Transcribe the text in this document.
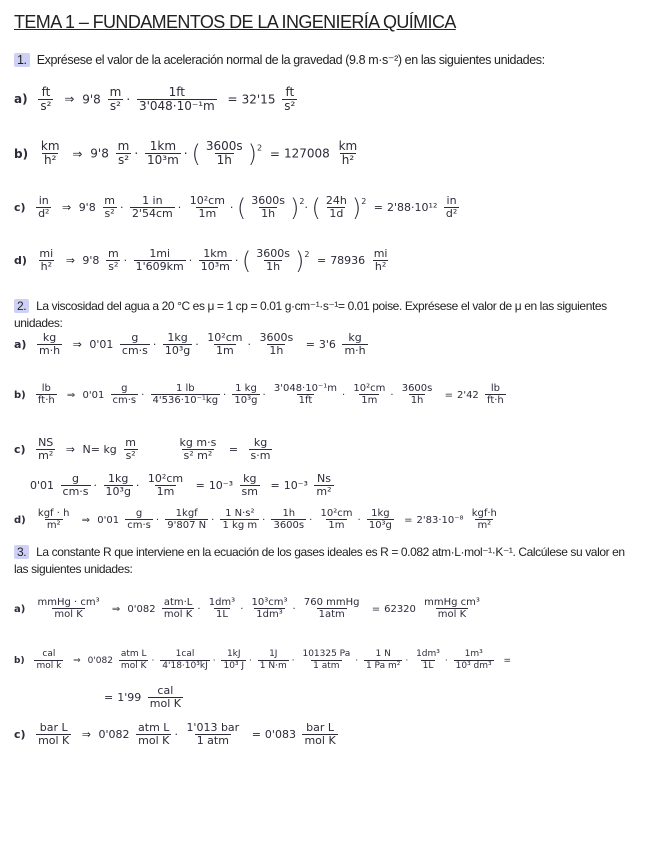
TEMA 1 – FUNDAMENTOS DE LA INGENIERÍA QUÍMICA
1. Exprésese el valor de la aceleración normal de la gravedad (9.8 m·s⁻²) en las siguientes unidades:
$a) \frac{ft}{\text{s²}}$ ⇒ $9'8 \frac{m}{\text{s²}} \cdot \frac{1ft}{\text{3'048·10⁻¹m}} = 32'15 \frac{ft}{\text{s²}}$
$b) \frac{km}{\text{h²}}$ ⇒ $9'8 \frac{m}{\text{s²}} \cdot \frac{1km}{\text{10³m}}$ · ( $\frac{3600s}{1h} )^2 = 127008 \frac{km}{\text{h²}}$
$c) \frac{in}{\text{d²}}$ ⇒ $9'8 \frac{m}{\text{s²}} \cdot \frac{1 in}{2'54cm} \cdot \frac{\text{10²cm}}{1m}$ · ( $\frac{3600s}{1h} )^2\cdot$ ( $\frac{24h}{1d} )^2 = 2'88\cdot 10^{12} \frac{in}{\text{d²}}$
$d) \frac{mi}{\text{h²}}$ ⇒ $9'8 \frac{m}{\text{s²}} \cdot \frac{1mi}{1'609km} \cdot \frac{1km}{\text{10³m}}$ · ( $\frac{3600s}{1h} )^2 = 78936 \frac{mi}{\text{h²}}$
2. La viscosidad del agua a 20 °C es μ = 1 cp = 0.01 g·cm⁻¹·s⁻¹= 0.01 poise. Exprésese el valor de μ en las siguientes unidades:
$a) \frac{kg}{m\cdot h}$ ⇒ $0'01 \frac{g}{cm\cdot s} \cdot \frac{1kg}{\text{10³g}} \cdot \frac{\text{10²cm}}{1m} \cdot \frac{3600s}{1h} = 3'6 \frac{kg}{m\cdot h}$
$b) \frac{lb}{ft\cdot h}$ ⇒ $0'01 \frac{g}{cm\cdot s} \cdot \frac{1 lb}{\text{4'536·10⁻¹kg}} \cdot \frac{1 kg}{\text{10³g}} \cdot \frac{\text{3'048·10⁻¹m}}{1ft} \cdot \frac{\text{10²cm}}{1m} \cdot \frac{3600s}{1h} = 2'42 \frac{lb}{ft\cdot h}$
$c) \frac{NS}{\text{m²}}$ ⇒ N= kg $\frac{m}{\text{s²}}$
	$\frac{\text{kg m·s}}{\text{s² m²}} = \frac{kg}{s\cdot m}$
$0'01 \frac{g}{cm\cdot s} \cdot \frac{1kg}{\text{10³g}} \cdot \frac{\text{10²cm}}{1m} = 10^{-3} \frac{kg}{sm} = 10^{-3} \frac{Ns}{\text{m²}}$
$d) \frac{\text{kgf · h}}{\text{m²}}$ ⇒ $0'01 \frac{g}{cm\cdot s} \cdot \frac{\text{1kgf}}{9'807 N} \cdot \frac{\text{1 N·s²}}{\text{1 kg m}} \cdot \frac{1h}{3600s} \cdot \frac{\text{10²cm}}{1m} \cdot \frac{1kg}{\text{10³g}} = 2'83\cdot 10^{-8} \frac{\text{kgf·h}}{\text{m²}}$
3. La constante R que interviene en la ecuación de los gases ideales es R = 0.082 atm·L·mol⁻¹·K⁻¹. Calcúlese su valor en las siguientes unidades:
$a) \frac{\text{mmHg · cm³}}{\text{mol K}}$ ⇒ $0'082 \frac{\text{atm·L}}{\text{mol K}} \cdot \frac{\text{1dm³}}{1L} \cdot \frac{\text{10³cm³}}{\text{1dm³}} \cdot \frac{\text{760 mmHg}}{\text{1atm}} = 62320 \frac{\text{mmHg cm³}}{\text{mol K}}$
$b) \frac{\text{cal}}{\text{mol k}}$ ⇒ $0'082 \frac{\text{atm L}}{\text{mol K}} \cdot \frac{\text{1cal}}{\text{4'18·10³kJ}} \cdot \frac{1kJ}{\text{10³ J}} \cdot \frac{1J}{1 N\cdot m} \cdot \frac{101325 Pa}{\text{1 atm}} \cdot \frac{1 N}{\text{1 Pa m²}} \cdot \frac{\text{1dm³}}{1L} \cdot \frac{\text{1m³}}{\text{10³ dm³}}$ =
= $1'99 \frac{\text{cal}}{\text{mol K}}$
$c) \frac{\text{bar L}}{\text{mol K}}$ ⇒ $0'082 \frac{\text{atm L}}{\text{mol K}} \cdot \frac{\text{1'013 bar}}{\text{1 atm}} = 0'083 \frac{\text{bar L}}{\text{mol K}}$
